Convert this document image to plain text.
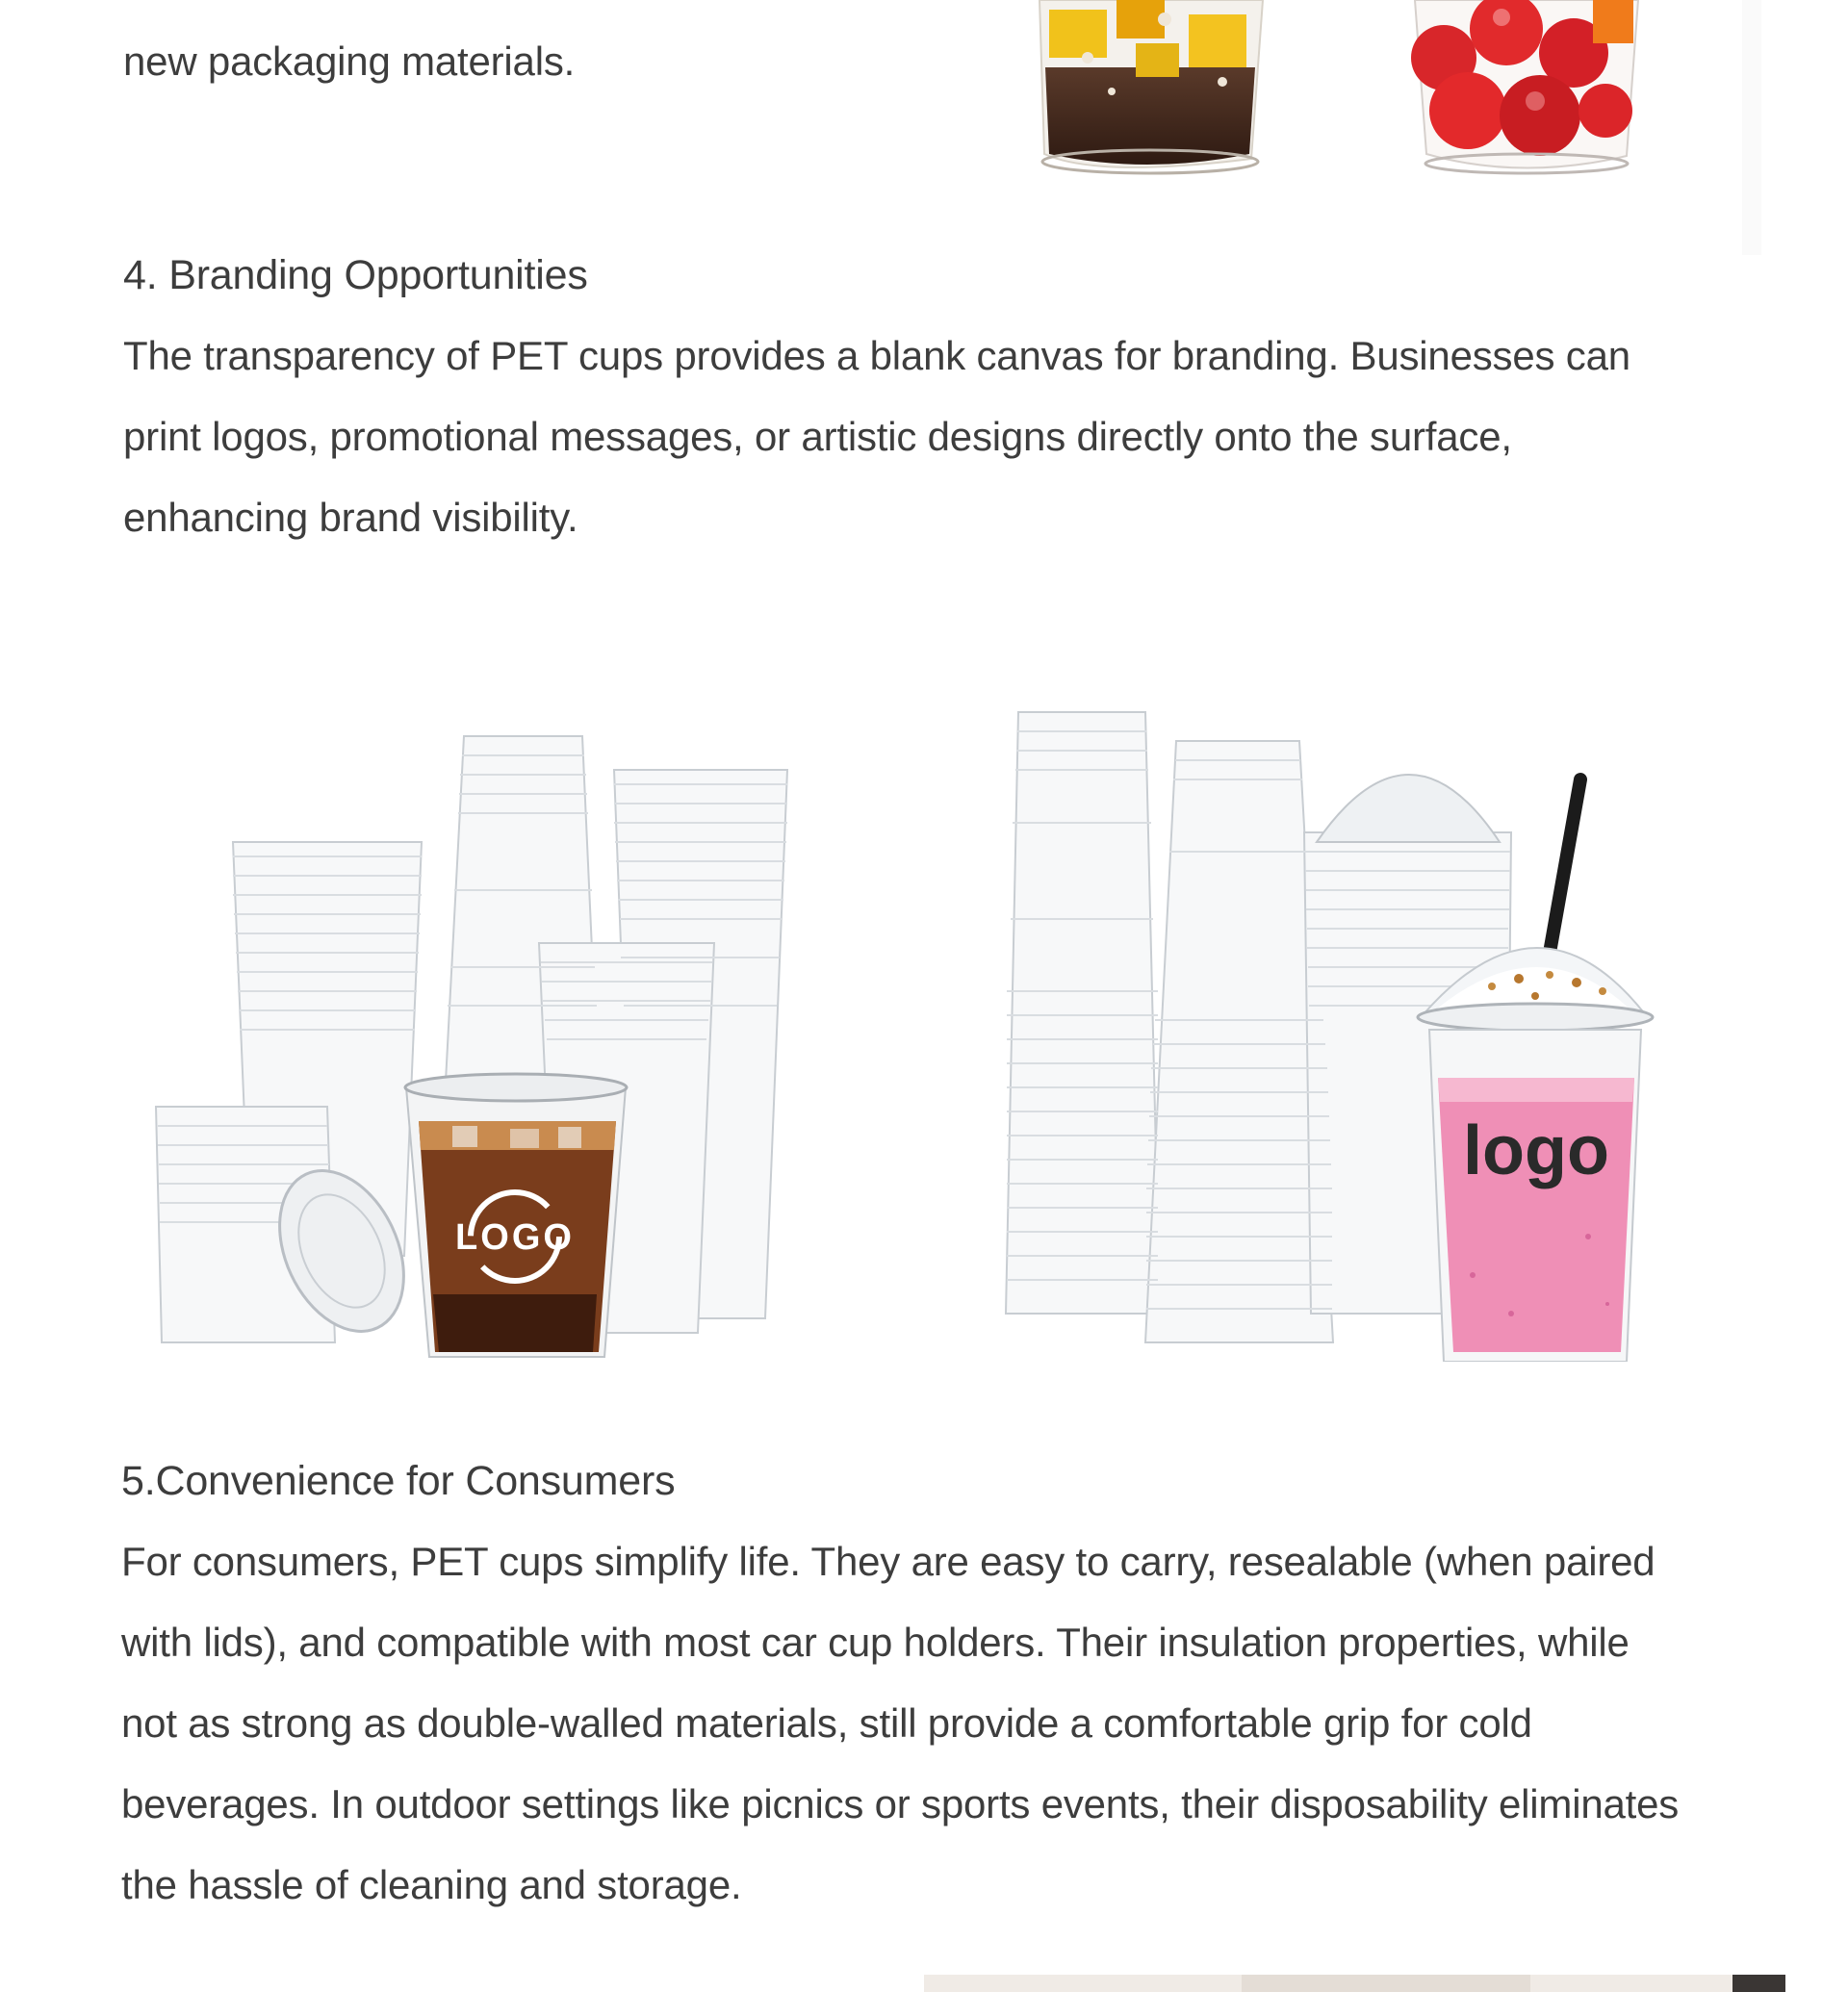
new packaging materials.
4. Branding Opportunities
The transparency of PET cups provides a blank canvas for branding. Businesses can
print logos, promotional messages, or artistic designs directly onto the surface,
enhancing brand visibility.
LOGO
logo
5.Convenience for Consumers
For consumers, PET cups simplify life. They are easy to carry, resealable (when paired
with lids), and compatible with most car cup holders. Their insulation properties, while
not as strong as double-walled materials, still provide a comfortable grip for cold
beverages. In outdoor settings like picnics or sports events, their disposability eliminates
the hassle of cleaning and storage.
